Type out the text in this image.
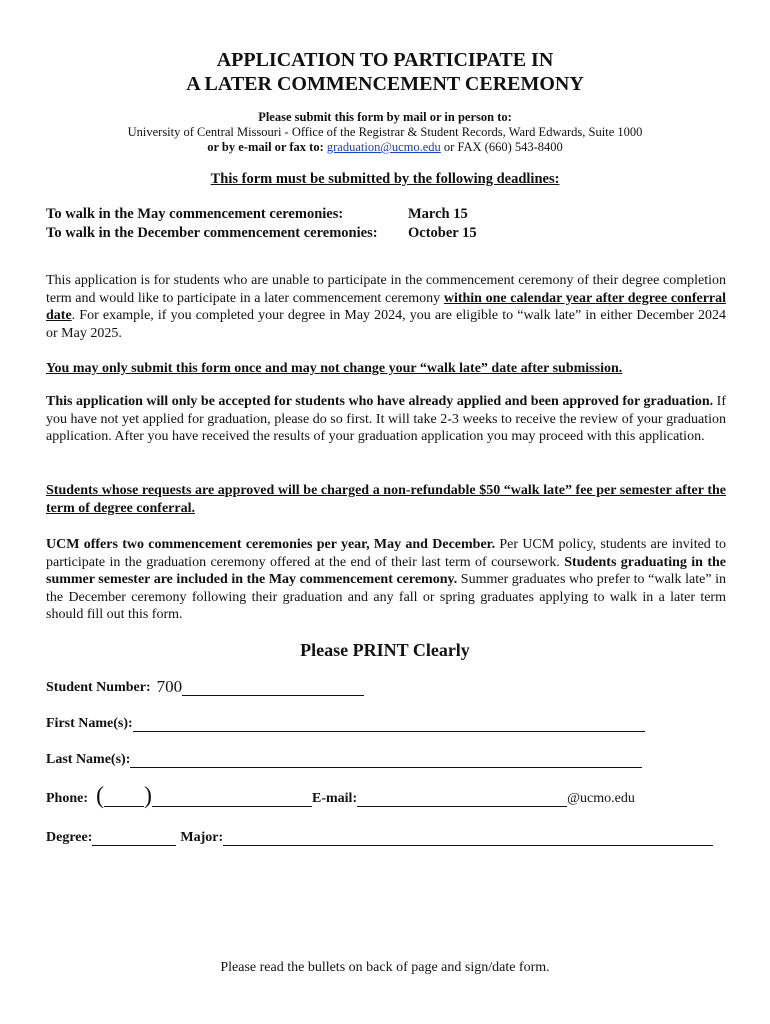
APPLICATION TO PARTICIPATE IN
A LATER COMMENCEMENT CEREMONY
Please submit this form by mail or in person to:
University of Central Missouri - Office of the Registrar & Student Records, Ward Edwards, Suite 1000
or by e-mail or fax to: graduation@ucmo.edu or FAX (660) 543-8400
This form must be submitted by the following deadlines:
To walk in the May commencement ceremonies:	March 15
To walk in the December commencement ceremonies: October 15
This application is for students who are unable to participate in the commencement ceremony of their degree completion term and would like to participate in a later commencement ceremony within one calendar year after degree conferral date. For example, if you completed your degree in May 2024, you are eligible to “walk late” in either December 2024 or May 2025.
You may only submit this form once and may not change your “walk late” date after submission.
This application will only be accepted for students who have already applied and been approved for graduation. If you have not yet applied for graduation, please do so first. It will take 2-3 weeks to receive the review of your graduation application. After you have received the results of your graduation application you may proceed with this application.
Students whose requests are approved will be charged a non-refundable $50 “walk late” fee per semester after the term of degree conferral.
UCM offers two commencement ceremonies per year, May and December. Per UCM policy, students are invited to participate in the graduation ceremony offered at the end of their last term of coursework. Students graduating in the summer semester are included in the May commencement ceremony. Summer graduates who prefer to “walk late” in the December ceremony following their graduation and any fall or spring graduates applying to walk in a later term should fill out this form.
Please PRINT Clearly
Student Number: 700
First Name(s):
Last Name(s):
Phone: ( )	E-mail:	@ucmo.edu
Degree:	Major:
Please read the bullets on back of page and sign/date form.
